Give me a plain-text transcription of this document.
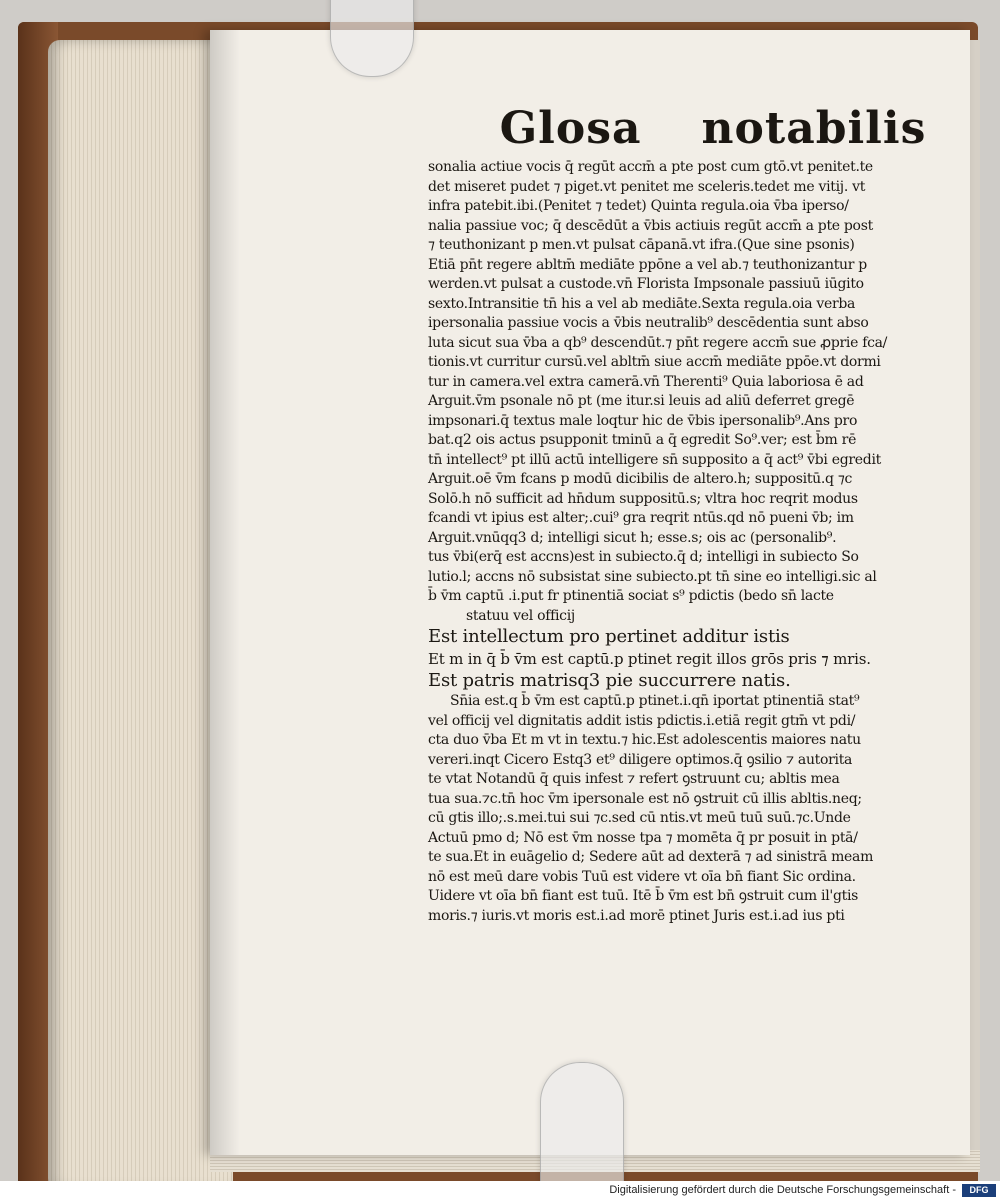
Glosa notabilis
sonalia actiue vocis q̄ regūt accm̄ a pte post cum gtō.vt penitet.te
det miseret pudet ⁊ piget.vt penitet me sceleris.tedet me vitij. vt
infra patebit.ibi.(Penitet ⁊ tedet) Quinta regula.oia v̄ba iperso/
nalia passiue voc; q̄ descēdūt a v̄bis actiuis regūt accm̄ a pte post
⁊ teuthonizant p men.vt pulsat cāpanā.vt ifra.(Que sine psonis)
Etiā pn̄t regere abltm̄ mediāte ppōne a vel ab.⁊ teuthonizantur p
werden.vt pulsat a custode.vn̄ Florista Impsonale passiuū iūgito
sexto.Intransitie tn̄ his a vel ab mediāte.Sexta regula.oia verba
ipersonalia passiue vocis a v̄bis neutralib⁹ descēdentia sunt abso
luta sicut sua v̄ba a qb⁹ descendūt.⁊ pn̄t regere accm̄ sue ꝓprie fca/
tionis.vt curritur cursū.vel abltm̄ siue accm̄ mediāte ppōe.vt dormi
tur in camera.vel extra camerā.vn̄ Therenti⁹ Quia laboriosa ē ad
Arguit.v̄m psonale nō pt (me itur.si leuis ad aliū deferret gregē
impsonari.q̄ textus male loqtur hic de v̄bis ipersonalib⁹.Ans pro
bat.q2 ois actus psupponit tminū a q̄ egredit So⁹.ver; est b̄m rē
tn̄ intellect⁹ pt illū actū intelligere sn̄ supposito a q̄ act⁹ v̄bi egredit
Arguit.oē v̄m fcans p modū dicibilis de altero.h; suppositū.q ⁊c
Solō.h nō sufficit ad hn̄dum suppositū.s; vltra hoc reqrit modus
fcandi vt ipius est alter;.cui⁹ gra reqrit ntūs.qd nō pueni v̄b; im
Arguit.vnūqq3 d; intelligi sicut h; esse.s; ois ac (personalib⁹.
tus v̄bi(erq̄ est accns)est in subiecto.q̄ d; intelligi in subiecto So
lutio.l; accns nō subsistat sine subiecto.pt tn̄ sine eo intelligi.sic al
b̄ v̄m captū .i.put fr ptinentiā sociat s⁹ pdictis (bedo sn̄ lacte
statuս vel officij
Est intellectum pro pertinet additur istis
Et m in q̄ b̄ v̄m est captū.p ptinet regit illos grōs pris ⁊ mris.
Est patris matrisq3 pie succurrere natis.
Sn̄ia est.q b̄ v̄m est captū.p ptinet.i.qn̄ iportat ptinentiā stat⁹
vel officij vel dignitatis addit istis pdictis.i.etiā regit gtm̄ vt pdi/
cta duo v̄ba Et m vt in textu.⁊ hic.Est adolescentis maiores natu
vereri.inqt Cicero Estq3 et⁹ diligere optimos.q̄ ꝯsilio ⁊ autorita
te vtat Notandū q̄ quis infest ⁊ refert ꝯstruunt cu; abltis mea
tua sua.⁊c.tn̄ hoc v̄m ipersonale est nō ꝯstruit cū illis abltis.neq;
cū gtis illo;.s.mei.tui sui ⁊c.sed cū ntis.vt meū tuū suū.⁊c.Unde
Actuū pmo d; Nō est v̄m nosse tpa ⁊ momēta q̄ pr posuit in ptā/
te sua.Et in euāgelio d; Sedere aūt ad dexterā ⁊ ad sinistrā meam
nō est meū dare vobis Tuū est videre vt oīa bn̄ fiant Sic ordina.
Uidere vt oīa bn̄ fiant est tuū. Itē b̄ v̄m est bn̄ ꝯstruit cum il'gtis
moris.⁊ iuris.vt moris est.i.ad morē ptinet Juris est.i.ad ius pti
Digitalisierung gefördert durch die Deutsche Forschungsgemeinschaft -	DFG
